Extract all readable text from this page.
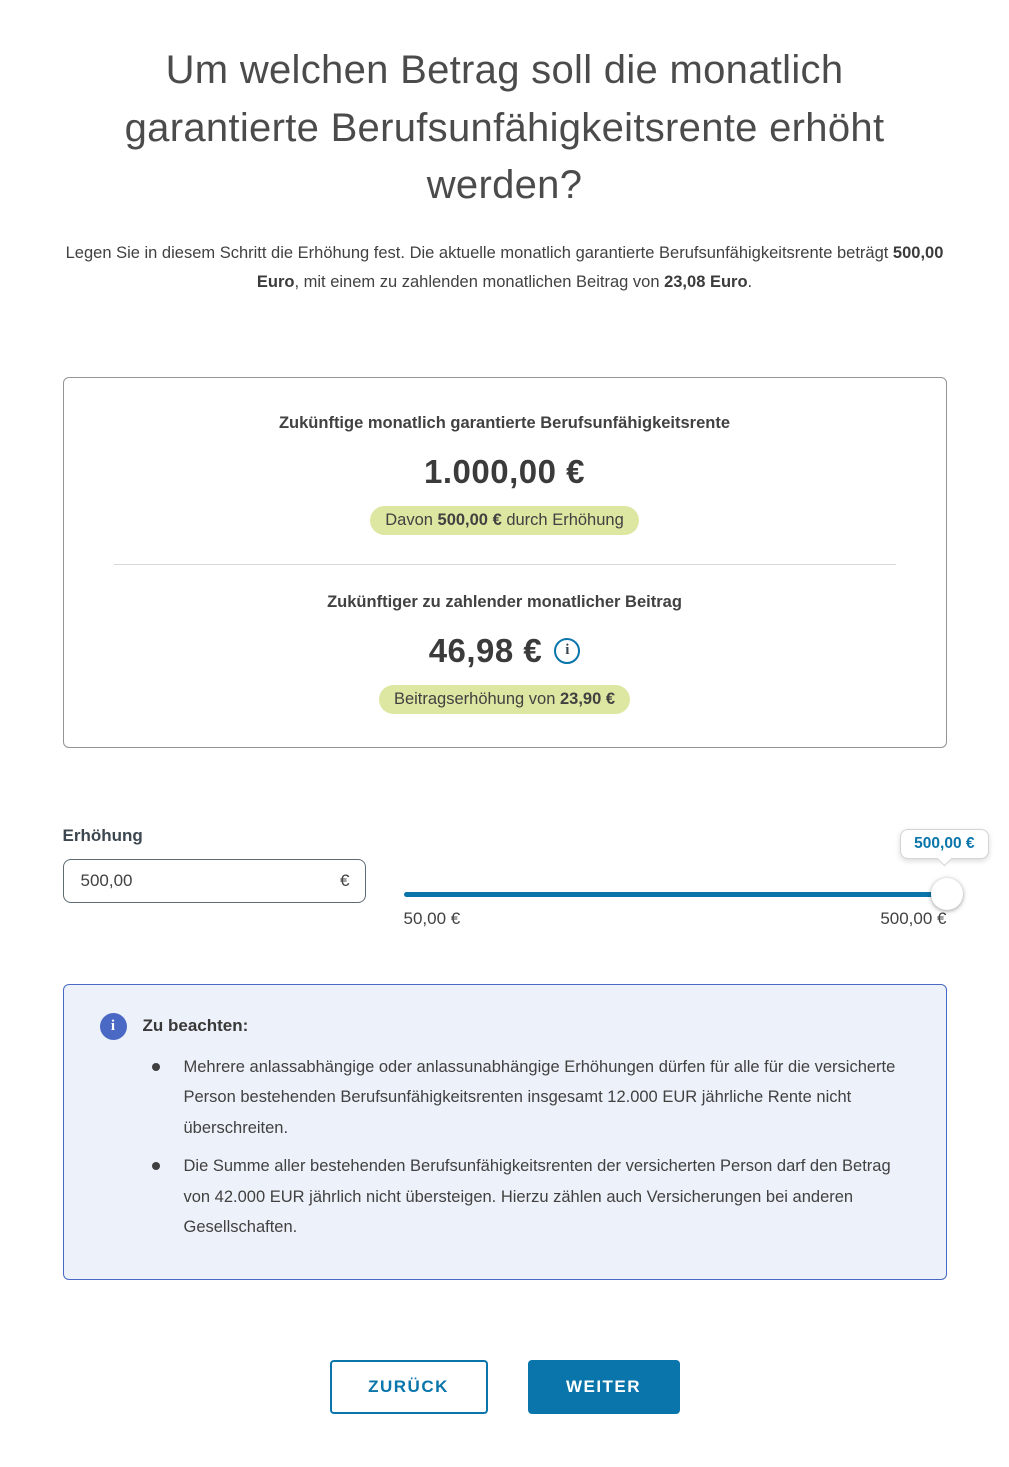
Um welchen Betrag soll die monatlich garantierte Berufsunfähigkeitsrente erhöht werden?

Legen Sie in diesem Schritt die Erhöhung fest. Die aktuelle monatlich garantierte Berufsunfähigkeitsrente beträgt 500,00 Euro, mit einem zu zahlenden monatlichen Beitrag von 23,08 Euro.

Zukünftige monatlich garantierte Berufsunfähigkeitsrente
1.000,00 €
Davon 500,00 € durch Erhöhung
Zukünftiger zu zahlender monatlicher Beitrag
46,98 €	i
Beitragserhöhung von 23,90 €
Erhöhung
500,00
€
500,00 €
50,00 €	500,00 €
i	Zu beachten:
Mehrere anlassabhängige oder anlassunabhängige Erhöhungen dürfen für alle für die versicherte Person bestehenden Berufsunfähigkeitsrenten insgesamt 12.000 EUR jährliche Rente nicht überschreiten.
Die Summe aller bestehenden Berufsunfähigkeitsrenten der versicherten Person darf den Betrag von 42.000 EUR jährlich nicht übersteigen. Hierzu zählen auch Versicherungen bei anderen Gesellschaften.
ZURÜCK	WEITER
